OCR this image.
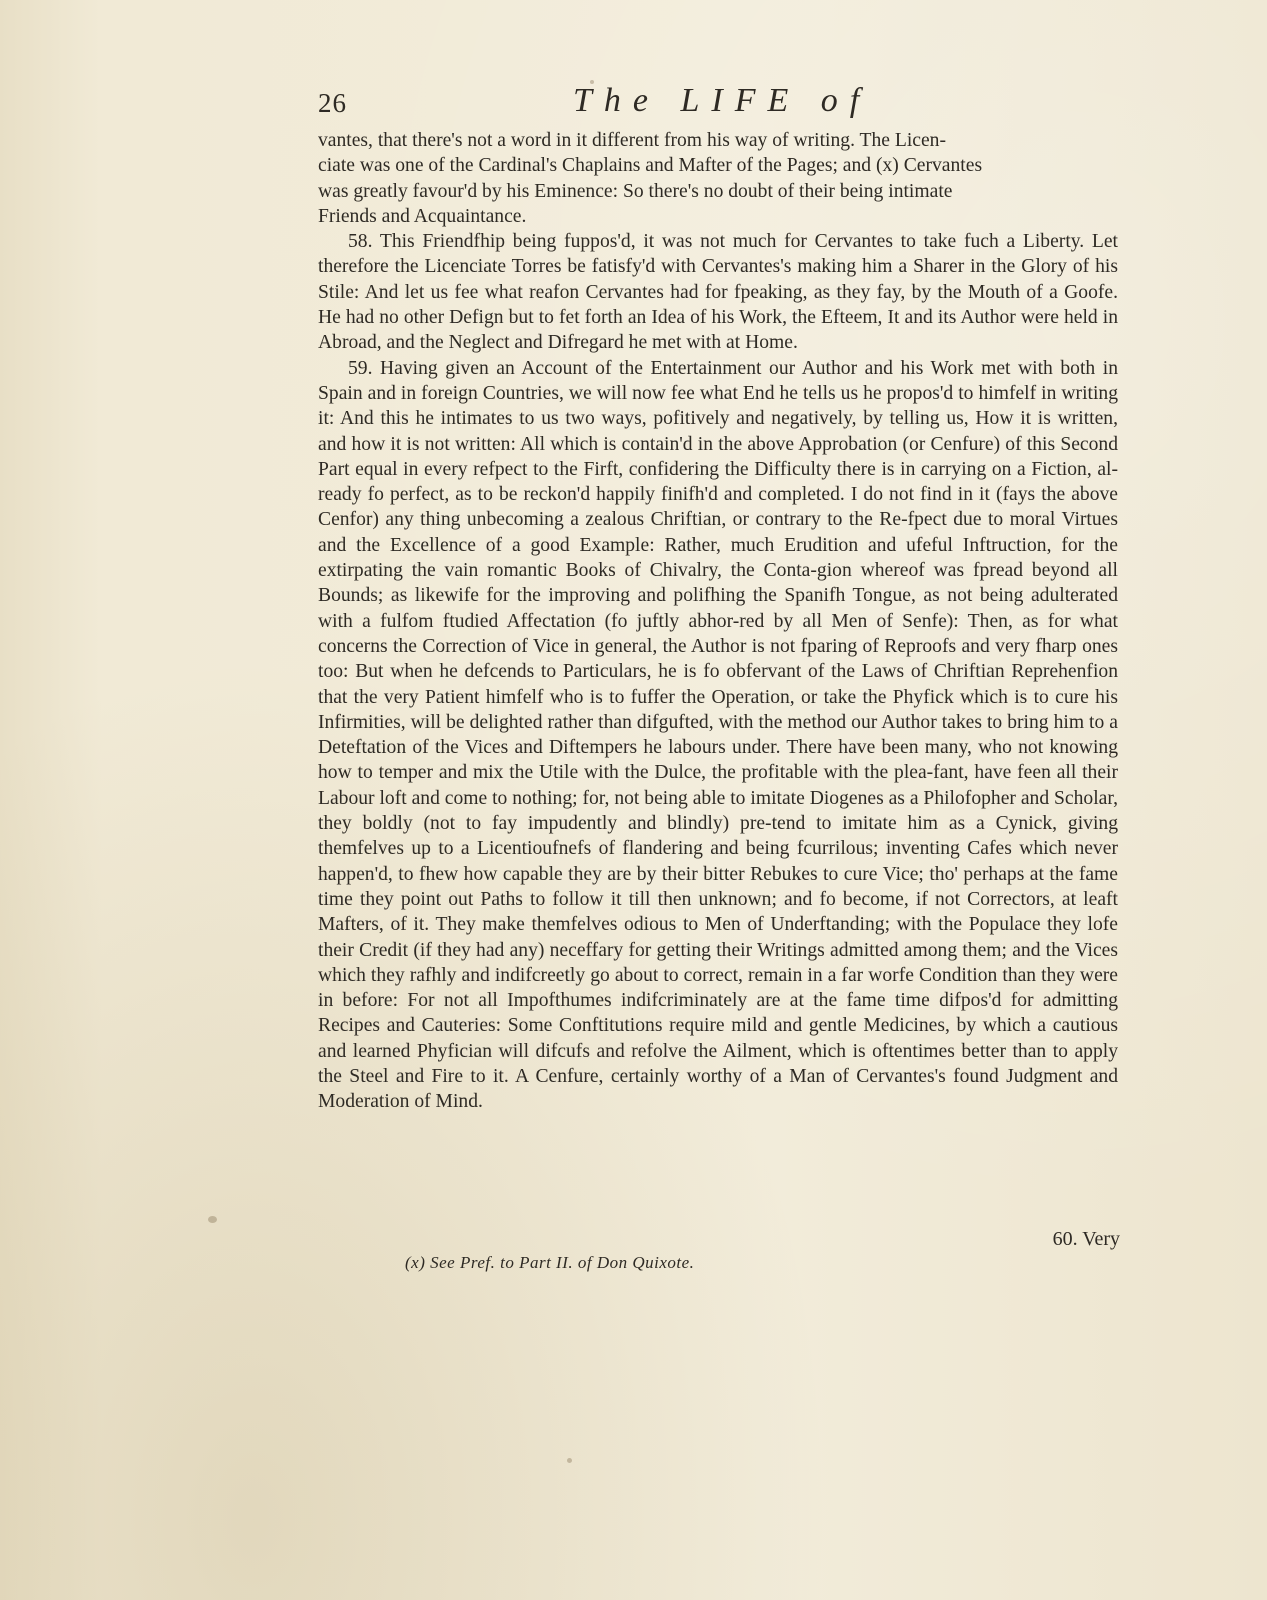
26	The LIFE of

vantes, that there's not a word in it different from his way of writing. The Licen-

ciate was one of the Cardinal's Chaplains and Mafter of the Pages; and (x) Cervantes

was greatly favour'd by his Eminence: So there's no doubt of their being intimate

Friends and Acquaintance.

58. This Friendfhip being fuppos'd, it was not much for Cervantes to take fuch a Liberty. Let therefore the Licenciate Torres be fatisfy'd with Cervantes's making him a Sharer in the Glory of his Stile: And let us fee what reafon Cervantes had for fpeaking, as they fay, by the Mouth of a Goofe. He had no other Defign but to fet forth an Idea of his Work, the Efteem, It and its Author were held in Abroad, and the Neglect and Difregard he met with at Home.

59. Having given an Account of the Entertainment our Author and his Work met with both in Spain and in foreign Countries, we will now fee what End he tells us he propos'd to himfelf in writing it: And this he intimates to us two ways, pofitively and negatively, by telling us, How it is written, and how it is not written: All which is contain'd in the above Approbation (or Cenfure) of this Second Part equal in every refpect to the Firft, confidering the Difficulty there is in carrying on a Fiction, al-ready fo perfect, as to be reckon'd happily finifh'd and completed. I do not find in it (fays the above Cenfor) any thing unbecoming a zealous Chriftian, or contrary to the Re-fpect due to moral Virtues and the Excellence of a good Example: Rather, much Erudition and ufeful Inftruction, for the extirpating the vain romantic Books of Chivalry, the Conta-gion whereof was fpread beyond all Bounds; as likewife for the improving and polifhing the Spanifh Tongue, as not being adulterated with a fulfom ftudied Affectation (fo juftly abhor-red by all Men of Senfe): Then, as for what concerns the Correction of Vice in general, the Author is not fparing of Reproofs and very fharp ones too: But when he defcends to Particulars, he is fo obfervant of the Laws of Chriftian Reprehenfion that the very Patient himfelf who is to fuffer the Operation, or take the Phyfick which is to cure his Infirmities, will be delighted rather than difgufted, with the method our Author takes to bring him to a Deteftation of the Vices and Diftempers he labours under. There have been many, who not knowing how to temper and mix the Utile with the Dulce, the profitable with the plea-fant, have feen all their Labour loft and come to nothing; for, not being able to imitate Diogenes as a Philofopher and Scholar, they boldly (not to fay impudently and blindly) pre-tend to imitate him as a Cynick, giving themfelves up to a Licentioufnefs of flandering and being fcurrilous; inventing Cafes which never happen'd, to fhew how capable they are by their bitter Rebukes to cure Vice; tho' perhaps at the fame time they point out Paths to follow it till then unknown; and fo become, if not Correctors, at leaft Mafters, of it. They make themfelves odious to Men of Underftanding; with the Populace they lofe their Credit (if they had any) neceffary for getting their Writings admitted among them; and the Vices which they rafhly and indifcreetly go about to correct, remain in a far worfe Condition than they were in before: For not all Impofthumes indifcriminately are at the fame time difpos'd for admitting Recipes and Cauteries: Some Conftitutions require mild and gentle Medicines, by which a cautious and learned Phyfician will difcufs and refolve the Ailment, which is oftentimes better than to apply the Steel and Fire to it. A Cenfure, certainly worthy of a Man of Cervantes's found Judgment and Moderation of Mind.

60. Very
(x) See Pref. to Part II. of Don Quixote.
